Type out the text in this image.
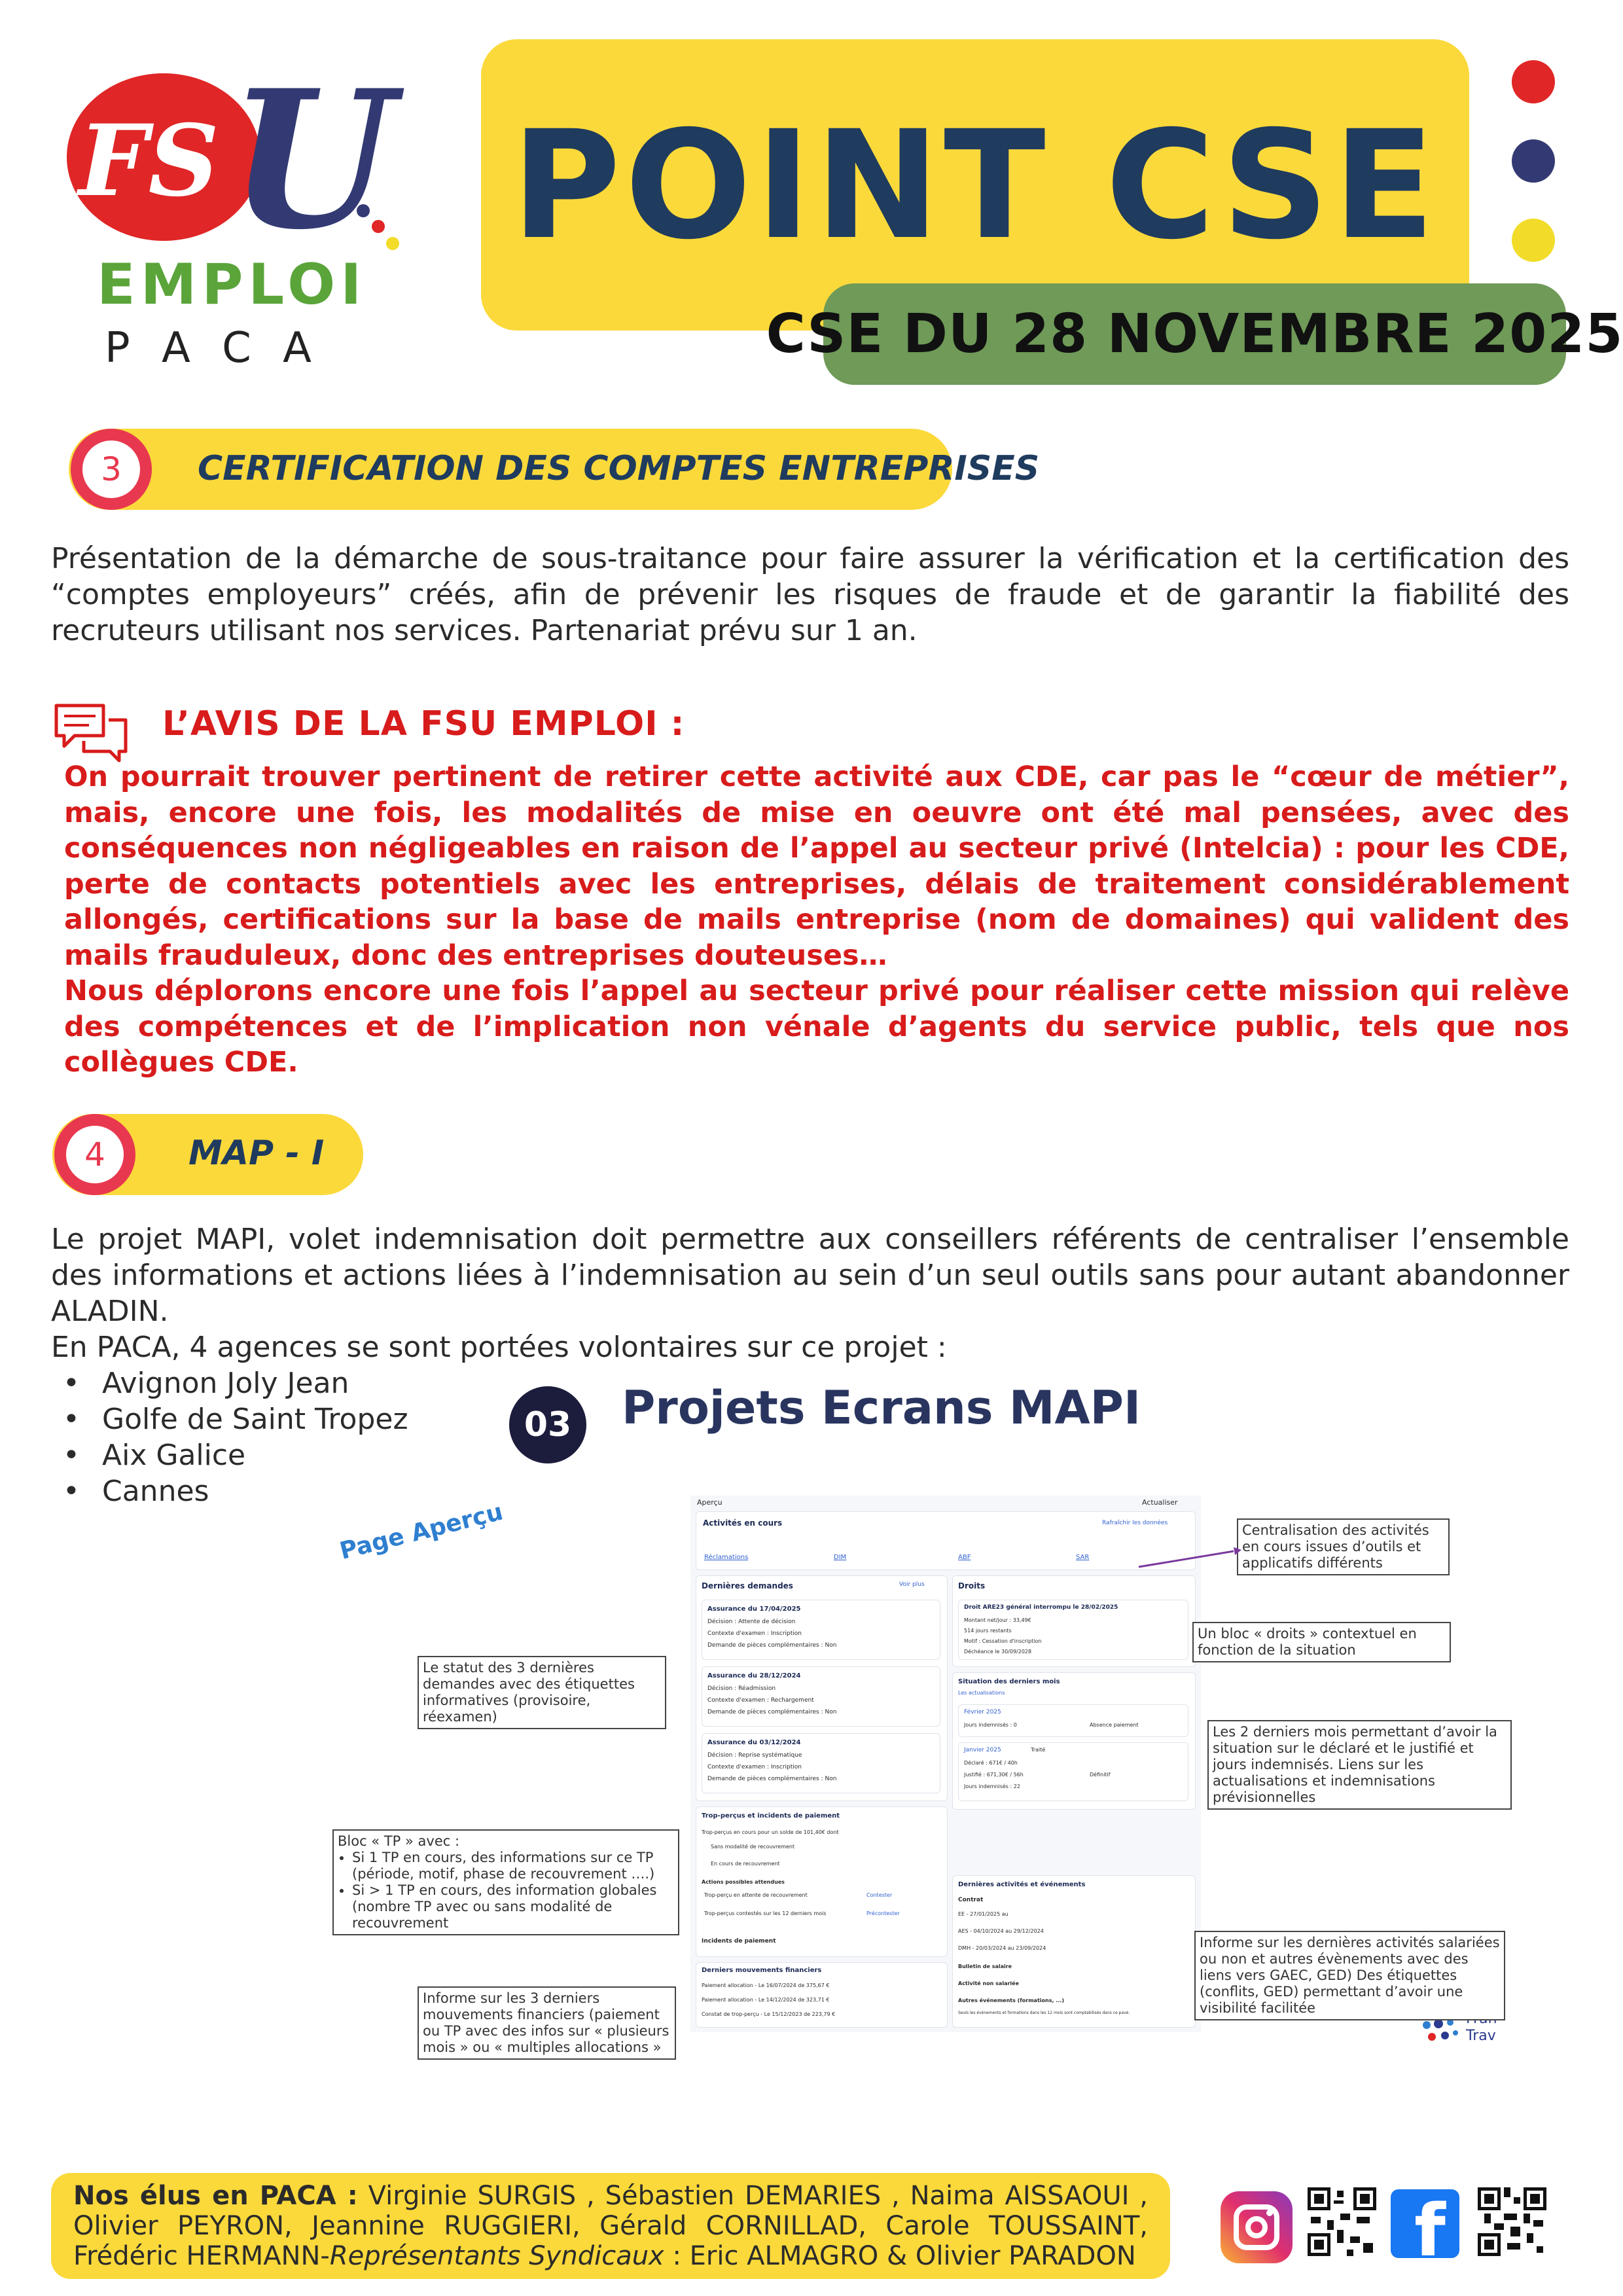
FS U
EMPLOI
P A C A
POINT CSE
CSE DU 28 NOVEMBRE 2025
3	CERTIFICATION DES COMPTES ENTREPRISES
Présentation de la démarche de sous-traitance pour faire assurer la vérification et la certification des “comptes employeurs” créés, afin de prévenir les risques de fraude et de garantir la fiabilité des recruteurs utilisant nos services. Partenariat prévu sur 1 an.
L’AVIS DE LA FSU EMPLOI :
On pourrait trouver pertinent de retirer cette activité aux CDE, car pas le “cœur de métier”, mais, encore une fois, les modalités de mise en oeuvre ont été mal pensées, avec des conséquences non négligeables en raison de l’appel au secteur privé (Intelcia) : pour les CDE, perte de contacts potentiels avec les entreprises, délais de traitement considérablement allongés, certifications sur la base de mails entreprise (nom de domaines) qui valident des mails frauduleux, donc des entreprises douteuses…
Nous déplorons encore une fois l’appel au secteur privé pour réaliser cette mission qui relève des compétences et de l’implication non vénale d’agents du service public, tels que nos collègues CDE.
4	MAP - I
Le projet MAPI, volet indemnisation doit permettre aux conseillers référents de centraliser l’ensemble des informations et actions liées à l’indemnisation au sein d’un seul outils sans pour autant abandonner ALADIN.
En PACA, 4 agences se sont portées volontaires sur ce projet :
• Avignon Joly Jean
• Golfe de Saint Tropez
• Aix Galice
• Cannes
03	Projets Ecrans MAPI
Page Aperçu	Aperçu	Actualiser
Activités en cours	Rafraîchir les données
Réclamations	DIM	ABF	SAR
Dernières demandes	Voir plus
Assurance du 17/04/2025
Décision : Attente de décision
Contexte d'examen : Inscription
Demande de pièces complémentaires : Non
Assurance du 28/12/2024
Décision : Réadmission
Contexte d'examen : Rechargement
Demande de pièces complémentaires : Non
Assurance du 03/12/2024
Décision : Reprise systématique
Contexte d'examen : Inscription
Demande de pièces complémentaires : Non
Trop-perçus et incidents de paiement
Trop-perçus en cours pour un solde de 101,40€ dont
Sans modalité de recouvrement
En cours de recouvrement
Actions possibles attendues
Trop-perçu en attente de recouvrement
Trop-perçus contestés sur les 12 derniers mois
Contester
Précontester
Incidents de paiement
Derniers mouvements financiers
Paiement allocation - Le 16/07/2024 de 375,67 €
Paiement allocation - Le 14/12/2024 de 323,71 €
Constat de trop-perçu - Le 15/12/2023 de 223,79 €
Droits
Droit ARE23 général interrompu le 28/02/2025
Montant net/jour : 33,49€
514 jours restants
Motif : Cessation d'inscription
Déchéance le 30/09/2028
Situation des derniers mois
Les actualisations
Février 2025
Jours indemnisés : 0	Absence paiement
Janvier 2025	Traité
Déclaré : 671€ / 40h
Justifié : 671,30€ / 56h
Jours indemnisés : 22
Définitif
Dernières activités et événements
Contrat
EE - 27/01/2025 au
AES - 04/10/2024 au 29/12/2024
DMH - 20/03/2024 au 23/09/2024
Bulletin de salaire
Activité non salariée
Autres événements (formations, ...)
Seuls les événements et formations dans les 12 mois sont comptabilisés dans ce pavé.
Trav
Centralisation des activités en cours issues d’outils et applicatifs différents
Le statut des 3 dernières demandes avec des étiquettes informatives (provisoire, réexamen)
Un bloc « droits » contextuel en fonction de la situation
Les 2 derniers mois permettant d’avoir la situation sur le déclaré et le justifié et jours indemnisés. Liens sur les actualisations et indemnisations prévisionnelles
Bloc « TP » avec :
• Si 1 TP en cours, des informations sur ce TP (période, motif, phase de recouvrement ….)
• Si > 1 TP en cours, des information globales (nombre TP avec ou sans modalité de recouvrement
Informe sur les dernières activités salariées ou non et autres évènements avec des liens vers GAEC, GED) Des étiquettes (conflits, GED) permettant d’avoir une visibilité facilitée
Informe sur les 3 derniers mouvements financiers (paiement ou TP avec des infos sur « plusieurs mois » ou « multiples allocations »
Nos élus en PACA : Virginie SURGIS , Sébastien DEMARIES , Naima AISSAOUI , Olivier PEYRON, Jeannine RUGGIERI, Gérald CORNILLAD, Carole TOUSSAINT, Frédéric HERMANN-Représentants Syndicaux : Eric ALMAGRO & Olivier PARADON	f
